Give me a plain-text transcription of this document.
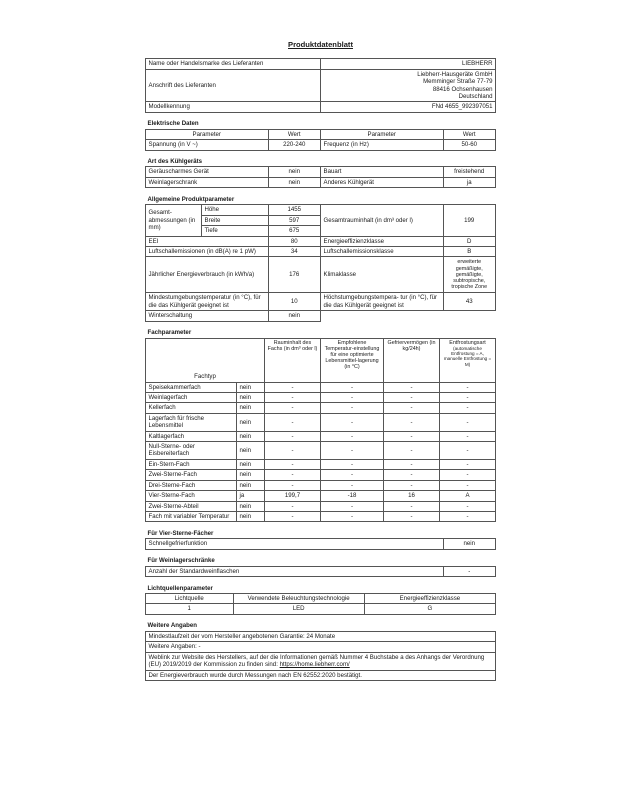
Produktdatenblatt
Name oder Handelsmarke des Lieferanten	LIEBHERR
Anschrift des Lieferanten	Liebherr-Hausgeräte GmbH
Memminger Straße 77-79
88416 Ochsenhausen
Deutschland
Modellkennung	FNd 4655_992397051

Elektrische Daten			
Parameter	Wert	Parameter	Wert
Spannung (in V ~)	220-240	Frequenz (in Hz)	50-60

Art des Kühlgeräts			
Geräuscharmes Gerät	nein	Bauart	freistehend
Weinlagerschrank	nein	Anderes Kühlgerät	ja

Allgemeine Produktparameter				
Gesamt-abmessungen (in mm)	Höhe	1455	Gesamtrauminhalt (in dm³ oder l)	199
	Breite	597		
	Tiefe	675		
EEI		80	Energieeffizienzklasse	D
Luftschallemissionen (in dB(A) re 1 pW)		34	Luftschallemissionsklasse	B
Jährlicher Energieverbrauch (in kWh/a)		176	Klimaklasse	erweiterte gemäßigte, gemäßigte, subtropische, tropische Zone
Mindestumgebungstemperatur (in °C), für die das Kühlgerät geeignet ist		10	Höchstumgebungstempera- tur (in °C), für die das Kühlgerät geeignet ist	43
Winterschaltung		nein		

Fachparameter					
Fachtyp		Rauminhalt des Fachs (in dm³ oder l)	Empfohlene Temperatur-einstellung für eine optimierte Lebensmittel-lagerung (in °C)	Gefriervermögen (in kg/24h)	Entfrostungsart
(automatische Entfrostung = A, manuelle Entfrostung = M)

Speisekammerfach	nein	-	-	-	-
Weinlagerfach	nein	-	-	-	-
Kellerfach	nein	-	-	-	-
Lagerfach für frische Lebensmittel	nein	-	-	-	-
Kaltlagerfach	nein	-	-	-	-
Null-Sterne- oder Eisbereiterfach	nein	-	-	-	-
Ein-Stern-Fach	nein	-	-	-	-
Zwei-Sterne-Fach	nein	-	-	-	-
Drei-Sterne-Fach	nein	-	-	-	-
Vier-Sterne-Fach	ja	199,7	-18	16	A
Zwei-Sterne-Abteil	nein	-	-	-	-
Fach mit variabler Temperatur	nein	-	-	-	-

Für Vier-Sterne-Fächer	
Schnellgefrierfunktion	nein

Für Weinlagerschränke	
Anzahl der Standardweinflaschen	-

Lichtquellenparameter		
Lichtquelle	Verwendete Beleuchtungstechnologie	Energieeffizienzklasse
1	LED	G

Weitere Angaben
Mindestlaufzeit der vom Hersteller angebotenen Garantie: 24 Monate
Weitere Angaben: -
Weblink zur Website des Herstellers, auf der die Informationen gemäß Nummer 4 Buchstabe a des Anhangs der Verordnung (EU) 2019/2019 der Kommission zu finden sind: https://home.liebherr.com/
Der Energieverbrauch wurde durch Messungen nach EN 62552:2020 bestätigt.
